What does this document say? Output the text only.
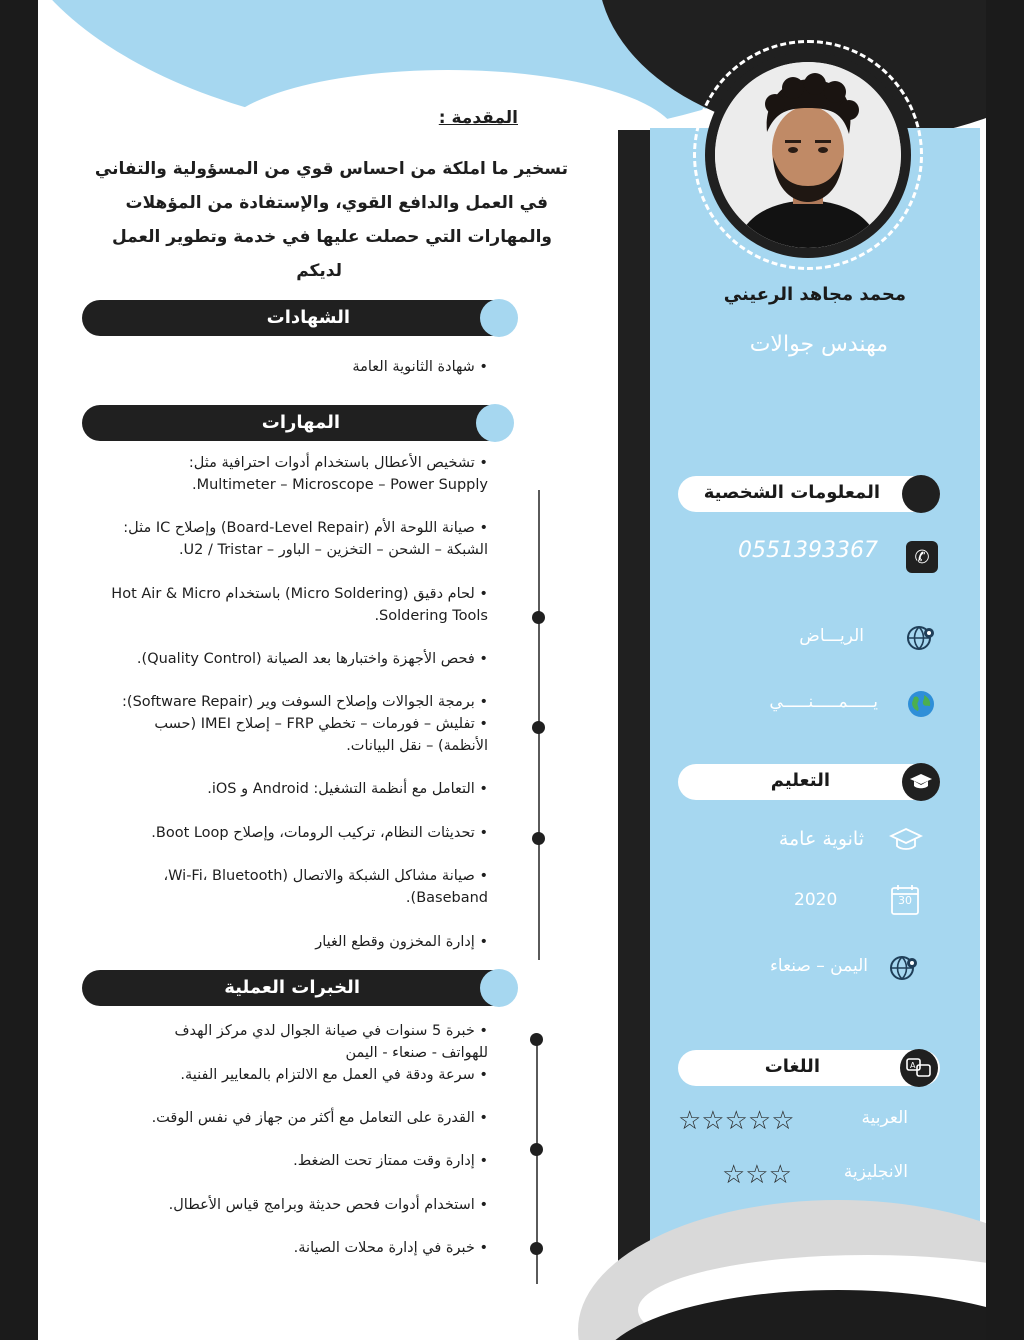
محمد مجاهد الرعيني
مهندس جوالات
المعلومات الشخصية
0551393367	✆
الريـــاض
يـــــمـــــنـــــي
التعليم
ثانوية عامة
2020	30
اليمن – صنعاء
اللغات	A
العربية
☆☆☆☆☆
الانجليزية
☆☆☆
المقدمة :
تسخير ما املكة من احساس قوي من المسؤولية والتفاني
في العمل والدافع القوي، والإستفادة من المؤهلات
والمهارات التي حصلت عليها في خدمة وتطوير العمل
لديكم
الشهادات
• شهادة الثانوية العامة
المهارات
• تشخيص الأعطال باستخدام أدوات احترافية مثل:
Multimeter – Microscope – Power Supply.
• صيانة اللوحة الأم (Board-Level Repair) وإصلاح IC مثل:
الشبكة – الشحن – التخزين – الباور – U2 / Tristar.
• لحام دقيق (Micro Soldering) باستخدام Hot Air & Micro
Soldering Tools.
• فحص الأجهزة واختبارها بعد الصيانة (Quality Control).
• برمجة الجوالات وإصلاح السوفت وير (Software Repair):
• تفليش – فورمات – تخطي FRP – إصلاح IMEI (حسب
الأنظمة) – نقل البيانات.
• التعامل مع أنظمة التشغيل: Android و iOS.
• تحديثات النظام، تركيب الرومات، وإصلاح Boot Loop.
• صيانة مشاكل الشبكة والاتصال (Wi-Fi، Bluetooth،
Baseband).
• إدارة المخزون وقطع الغيار
الخبرات العملية
• خبرة 5 سنوات في صيانة الجوال لدي مركز الهدف
للهواتف - صنعاء - اليمن
• سرعة ودقة في العمل مع الالتزام بالمعايير الفنية.
• القدرة على التعامل مع أكثر من جهاز في نفس الوقت.
• إدارة وقت ممتاز تحت الضغط.
• استخدام أدوات فحص حديثة وبرامج قياس الأعطال.
• خبرة في إدارة محلات الصيانة.
